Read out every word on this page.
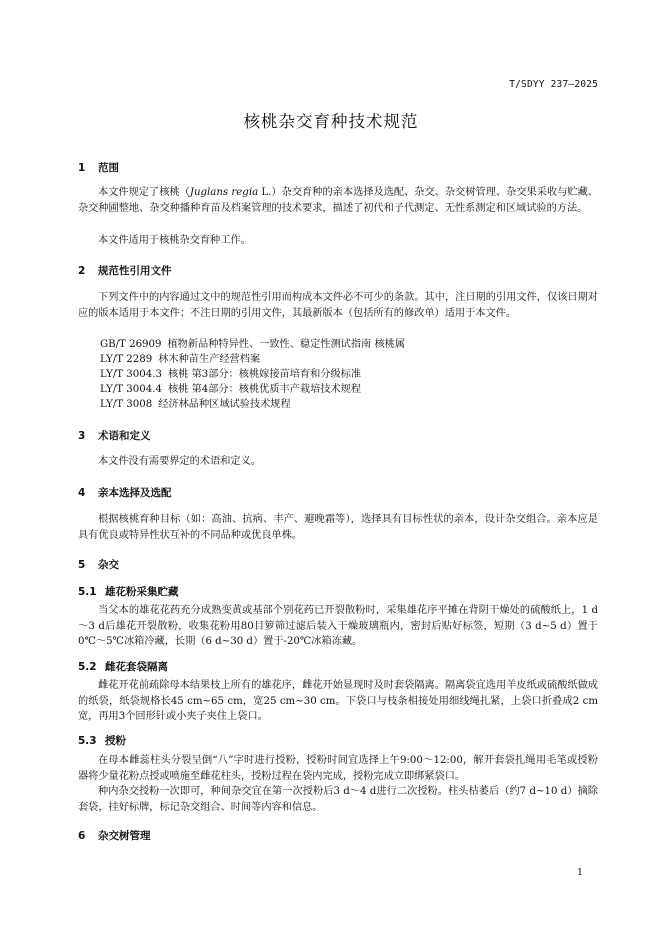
T/SDYY 237—2025
核桃杂交育种技术规范
1 范围
本文件规定了核桃（Juglans regia L.）杂交育种的亲本选择及选配、杂交、杂交树管理、杂交果采收与贮藏、杂交种圃整地、杂交种播种育苗及档案管理的技术要求，描述了初代和子代测定、无性系测定和区域试验的方法。
本文件适用于核桃杂交育种工作。
2 规范性引用文件
下列文件中的内容通过文中的规范性引用而构成本文件必不可少的条款。其中，注日期的引用文件，仅该日期对应的版本适用于本文件；不注日期的引用文件，其最新版本（包括所有的修改单）适用于本文件。
GB/T 26909 植物新品种特异性、一致性、稳定性测试指南 核桃属
LY/T 2289 林木种苗生产经营档案
LY/T 3004.3 核桃 第3部分：核桃嫁接苗培育和分级标准
LY/T 3004.4 核桃 第4部分：核桃优质丰产栽培技术规程
LY/T 3008 经济林品种区域试验技术规程
3 术语和定义
本文件没有需要界定的术语和定义。
4 亲本选择及选配
根据核桃育种目标（如：高油、抗病、丰产、避晚霜等），选择具有目标性状的亲本，设计杂交组合。亲本应是具有优良或特异性状互补的不同品种或优良单株。
5 杂交
5.1 雄花粉采集贮藏
当父本的雄花花药充分成熟变黄或基部个别花药已开裂散粉时，采集雄花序平摊在背阴干燥处的硫酸纸上，1 d～3 d后雄花开裂散粉，收集花粉用80目箩筛过滤后装入干燥玻璃瓶内，密封后贴好标签，短期（3 d~5 d）置于0℃～5℃冰箱冷藏，长期（6 d~30 d）置于-20℃冰箱冻藏。
5.2 雌花套袋隔离
雌花开花前疏除母本结果枝上所有的雄花序，雌花开始显现时及时套袋隔离。隔离袋宜选用羊皮纸或硫酸纸做成的纸袋，纸袋规格长45 cm~65 cm，宽25 cm~30 cm。下袋口与枝条相接处用细线绳扎紧，上袋口折叠成2 cm宽，再用3个回形针或小夹子夹住上袋口。
5.3 授粉
在母本雌蕊柱头分裂呈倒“八”字时进行授粉，授粉时间宜选择上午9:00～12:00，解开套袋扎绳用毛笔或授粉器将少量花粉点授或喷施至雌花柱头，授粉过程在袋内完成，授粉完成立即绑紧袋口。
种内杂交授粉一次即可，种间杂交宜在第一次授粉后3 d～4 d进行二次授粉。柱头枯萎后（约7 d~10 d）摘除套袋，挂好标牌，标记杂交组合、时间等内容和信息。
6 杂交树管理
1
